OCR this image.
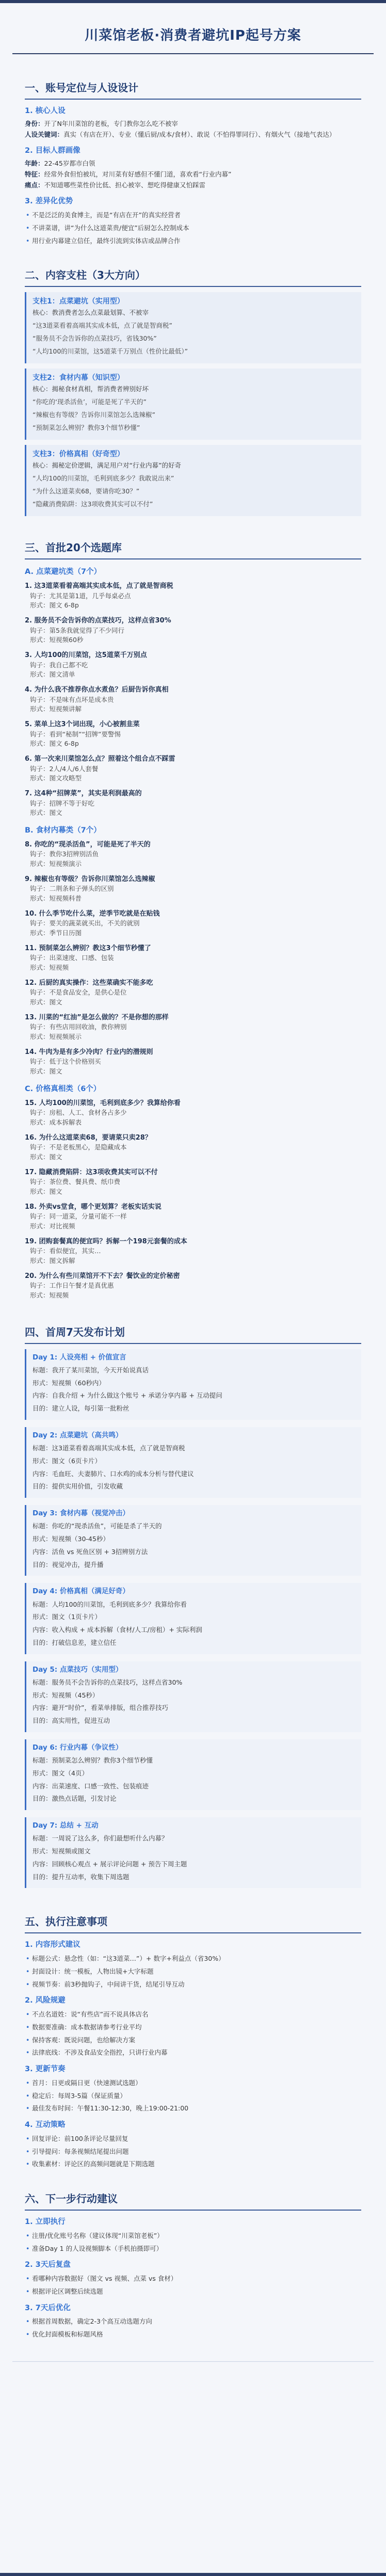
川菜馆老板·消费者避坑IP起号方案
一、账号定位与人设设计
1. 核心人设
身份：开了N年川菜馆的老板，专门教你怎么吃不被宰
人设关键词：真实（有店在开）、专业（懂后厨/成本/食材）、敢说（不怕得罪同行）、有烟火气（接地气表达）
2. 目标人群画像
年龄：22-45岁都市白领
特征：经常外食但怕被坑，对川菜有好感但不懂门道，喜欢看“行业内幕”
痛点：不知道哪些菜性价比低、担心被宰、想吃得健康又怕踩雷
3. 差异化优势
• 不是泛泛的美食博主，而是“有店在开”的真实经营者
• 不讲菜谱，讲“为什么这道菜贵/便宜”后厨怎么控制成本
• 用行业内幕建立信任，最终引流到实体店或品牌合作
二、内容支柱（3大方向）
支柱1：点菜避坑（实用型）
核心：教消费者怎么点菜最划算、不被宰
“这3道菜看着高端其实成本低，点了就是智商税”
“服务员不会告诉你的点菜技巧，省钱30%”
“人均100的川菜馆，这5道菜千万别点（性价比最低）”
支柱2：食材内幕（知识型）
核心：揭秘食材真相，帮消费者辨别好坏
“你吃的‘现杀活鱼’，可能是死了半天的”
“辣椒也有等级？告诉你川菜馆怎么选辣椒”
“预制菜怎么辨别？教你3个细节秒懂”
支柱3：价格真相（好奇型）
核心：揭秘定价逻辑，满足用户对“行业内幕”的好奇
“人均100的川菜馆，毛利到底多少？我敢说出来”
“为什么这道菜卖68，要请你吃30？”
“隐藏消费陷阱：这3项收费其实可以不付”
三、首批20个选题库
A. 点菜避坑类（7个）
1. 这3道菜看着高端其实成本低，点了就是智商税
钩子：尤其是第1道，几乎每桌必点
形式：图文 6-8p
2. 服务员不会告诉你的点菜技巧，这样点省30%
钩子：第5条我就觉得了不少同行
形式：短视频60秒
3. 人均100的川菜馆，这5道菜千万别点
钩子：我自己都不吃
形式：图文清单
4. 为什么我不推荐你点水煮鱼？后厨告诉你真相
钩子：不是味有点坏是成本贵
形式：短视频讲解
5. 菜单上这3个词出现，小心被割韭菜
钩子：看到“秘制”“招牌”要警惕
形式：图文 6-8p
6. 第一次来川菜馆怎么点？照着这个组合点不踩雷
钩子：2人/4人/6人套餐
形式：图文攻略型
7. 这4种“招牌菜”，其实是利润最高的
钩子：招牌不等于好吃
形式：图文
B. 食材内幕类（7个）
8. 你吃的“现杀活鱼”，可能是死了半天的
钩子：教你3招辨别活鱼
形式：短视频演示
9. 辣椒也有等级？告诉你川菜馆怎么选辣椒
钩子：二荆条和子弹头的区别
形式：短视频科普
10. 什么季节吃什么菜，逆季节吃就是在贴钱
钩子：要关的蔬菜就买出，不关的就别
形式：季节日历图
11. 预制菜怎么辨别？教这3个细节秒懂了
钩子：出菜速度、口感、包装
形式：短视频
12. 后厨的真实操作：这些菜确实不能多吃
钩子：不是食品安全，是供心是位
形式：图文
13. 川菜的“红油”是怎么做的？不是你想的那样
钩子：有些店用回收油，教你辨别
形式：短视频展示
14. 牛肉为是有多少冷肉？行业内的潜规则
钩子：低于这个价格别买
形式：图文
C. 价格真相类（6个）
15. 人均100的川菜馆，毛利到底多少？我算给你看
钩子：房租、人工、食材各占多少
形式：成本拆解表
16. 为什么这道菜卖68，要请菜只卖28？
钩子：不是老板黑心，是隐藏成本
形式：图文
17. 隐藏消费陷阱：这3项收费其实可以不付
钩子：茶位费、餐具费、纸巾费
形式：图文
18. 外卖vs堂食，哪个更划算？老板实话实说
钩子：同一道菜，分量可能不一样
形式：对比视频
19. 团购套餐真的便宜吗？拆解一个198元套餐的成本
钩子：看似便宜，其实…
形式：图文拆解
20. 为什么有些川菜馆开不下去？餐饮业的定价秘密
钩子：工作日午餐才是真优惠
形式：短视频
四、首周7天发布计划
Day 1: 人设亮相 + 价值宣言
标题：我开了某川菜馆，今天开始说真话
形式：短视频（60秒内）
内容：自我介绍 + 为什么做这个账号 + 承诺分享内幕 + 互动提问
目的：建立人设，每引第一批粉丝
Day 2: 点菜避坑（高共鸣）
标题：这3道菜看着高端其实成本低，点了就是智商税
形式：图文（6页卡片）
内容：毛血旺、夫妻肺片、口水鸡的成本分析与替代建议
目的：提供实用价值，引发收藏
Day 3: 食材内幕（视觉冲击）
标题：你吃的“现杀活鱼”，可能是杀了半天的
形式：短视频（30-45秒）
内容：活鱼 vs 死鱼区别 + 3招辨别方法
目的：视觉冲击，提升播
Day 4: 价格真相（满足好奇）
标题：人均100的川菜馆，毛利到底多少？我算给你看
形式：图文（1页卡片）
内容：收入构成 + 成本拆解（食材/人工/房租）+ 实际利润
目的：打破信息差，建立信任
Day 5: 点菜技巧（实用型）
标题：服务员不会告诉你的点菜技巧，这样点省30%
形式：短视频（45秒）
内容：避开“时价”，看菜单排版，组合推荐技巧
目的：高实用性，促进互动
Day 6: 行业内幕（争议性）
标题：预制菜怎么辨别？教你3个细节秒懂
形式：图文（4页）
内容：出菜速度、口感一致性、包装痕迹
目的：激热点话题，引发讨论
Day 7: 总结 + 互动
标题：一周说了这么多，你们最想听什么内幕？
形式：短视频或图文
内容：回顾核心观点 + 展示评论问题 + 预告下周主题
目的：提升互动率，收集下周选题
五、执行注意事项
1. 内容形式建议
• 标题公式：悬念性（如：“这3道菜…”）+ 数字+利益点（省30%）
• 封面设计：统一模板，人物出镜+大字标题
• 视频节奏：前3秒抛钩子，中间讲干货，结尾引导互动
2. 风险规避
• 不点名道姓：说“有些店”而不说具体店名
• 数据要准确：成本数据请参考行业平均
• 保持客观：既说问题，也给解决方案
• 法律底线：不涉及食品安全指控，只讲行业内幕
3. 更新节奏
• 首月：日更或隔日更（快速测试选题）
• 稳定后：每周3-5篇（保证质量）
• 最佳发布时间：午餐11:30-12:30，晚上19:00-21:00
4. 互动策略
• 回复评论：前100条评论尽量回复
• 引导提问：每条视频结尾提出问题
• 收集素材：评论区的高频问题就是下期选题
六、下一步行动建议
1. 立即执行
• 注册/优化账号名称（建议体现“川菜馆老板”）
• 准备Day 1 的人设视频脚本（手机拍摄即可）
2. 3天后复盘
• 看哪种内容数据好（图文 vs 视频、点菜 vs 食材）
• 根据评论区调整后续选题
3. 7天后优化
• 根据首周数据，确定2-3个高互动选题方向
• 优化封面模板和标题风格
